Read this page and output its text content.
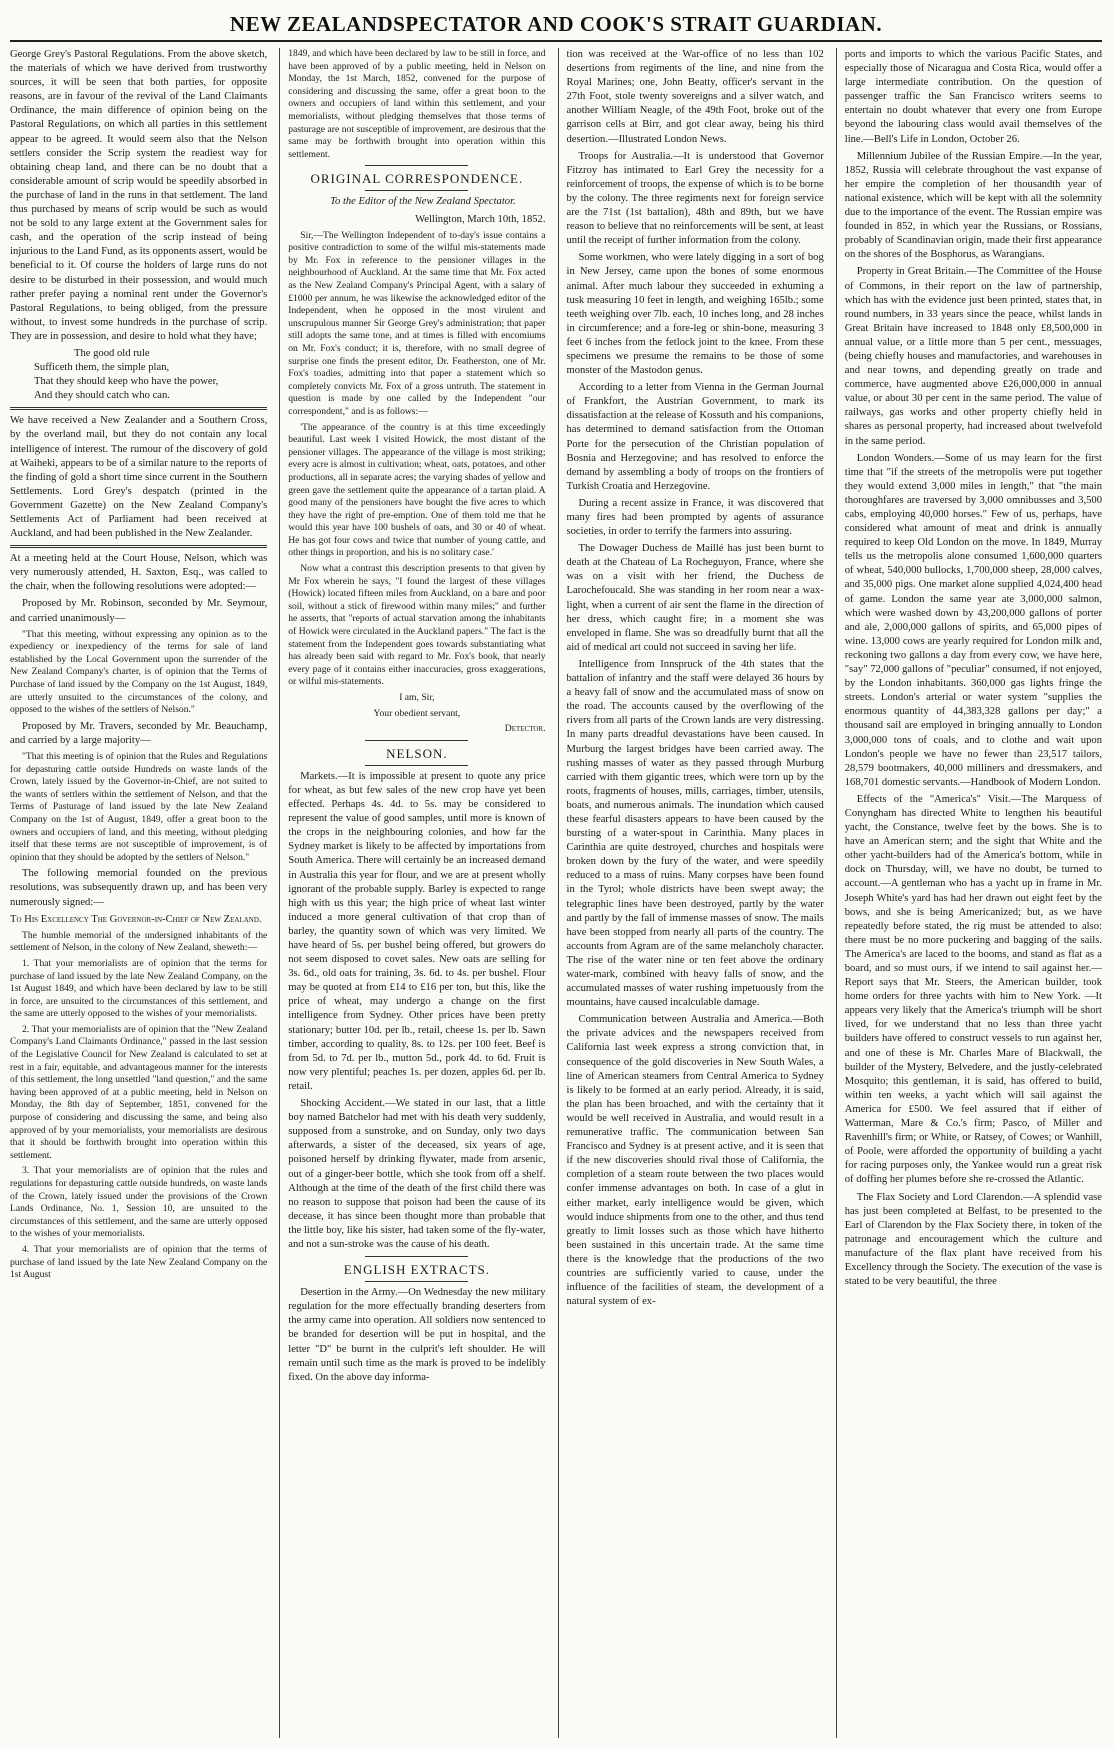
NEW ZEALANDSPECTATOR AND COOK'S STRAIT GUARDIAN.

George Grey's Pastoral Regulations. From the above sketch, the materials of which we have derived from trustworthy sources, it will be seen that both parties, for opposite reasons, are in favour of the revival of the Land Claimants Ordinance, the main difference of opinion being on the Pastoral Regulations, on which all parties in this settlement appear to be agreed. It would seem also that the Nelson settlers consider the Scrip system the readiest way for obtaining cheap land, and there can be no doubt that a considerable amount of scrip would be speedily absorbed in the purchase of land in the runs in that settlement. The land thus purchased by means of scrip would be such as would not be sold to any large extent at the Government sales for cash, and the operation of the scrip instead of being injurious to the Land Fund, as its opponents assert, would be beneficial to it. Of course the holders of large runs do not desire to be disturbed in their possession, and would much rather prefer paying a nominal rent under the Governor's Pastoral Regulations, to being obliged, from the pressure without, to invest some hundreds in the purchase of scrip. They are in possession, and desire to hold what they have;

The good old rule
Sufficeth them, the simple plan,
That they should keep who have the power,
And they should catch who can.

We have received a New Zealander and a Southern Cross, by the overland mail, but they do not contain any local intelligence of interest. The rumour of the discovery of gold at Waiheki, appears to be of a similar nature to the reports of the finding of gold a short time since current in the Southern Settlements. Lord Grey's despatch (printed in the Government Gazette) on the New Zealand Company's Settlements Act of Parliament had been received at Auckland, and had been published in the New Zealander.

At a meeting held at the Court House, Nelson, which was very numerously attended, H. Saxton, Esq., was called to the chair, when the following resolutions were adopted:—

Proposed by Mr. Robinson, seconded by Mr. Seymour, and carried unanimously—

"That this meeting, without expressing any opinion as to the expediency or inexpediency of the terms for sale of land established by the Local Government upon the surrender of the New Zealand Company's charter, is of opinion that the Terms of Purchase of land issued by the Company on the 1st August, 1849, are utterly unsuited to the circumstances of the colony, and opposed to the wishes of the settlers of Nelson."

Proposed by Mr. Travers, seconded by Mr. Beauchamp, and carried by a large majority—

"That this meeting is of opinion that the Rules and Regulations for depasturing cattle outside Hundreds on waste lands of the Crown, lately issued by the Governor-in-Chief, are not suited to the wants of settlers within the settlement of Nelson, and that the Terms of Pasturage of land issued by the late New Zealand Company on the 1st of August, 1849, offer a great boon to the owners and occupiers of land, and this meeting, without pledging itself that these terms are not susceptible of improvement, is of opinion that they should be adopted by the settlers of Nelson."

The following memorial founded on the previous resolutions, was subsequently drawn up, and has been very numerously signed:—

To His Excellency The Governor-in-Chief of New Zealand.

The humble memorial of the undersigned inhabitants of the settlement of Nelson, in the colony of New Zealand, sheweth:—

1. That your memorialists are of opinion that the terms for purchase of land issued by the late New Zealand Company, on the 1st August 1849, and which have been declared by law to be still in force, are unsuited to the circumstances of this settlement, and the same are utterly opposed to the wishes of your memorialists.

2. That your memorialists are of opinion that the "New Zealand Company's Land Claimants Ordinance," passed in the last session of the Legislative Council for New Zealand is calculated to set at rest in a fair, equitable, and advantageous manner for the interests of this settlement, the long unsettled "land question," and the same having been approved of at a public meeting, held in Nelson on Monday, the 8th day of September, 1851, convened for the purpose of considering and discussing the same, and being also approved of by your memorialists, your memorialists are desirous that it should be forthwith brought into operation within this settlement.

3. That your memorialists are of opinion that the rules and regulations for depasturing cattle outside hundreds, on waste lands of the Crown, lately issued under the provisions of the Crown Lands Ordinance, No. 1, Session 10, are unsuited to the circumstances of this settlement, and the same are utterly opposed to the wishes of your memorialists.

4. That your memorialists are of opinion that the terms of purchase of land issued by the late New Zealand Company on the 1st August

1849, and which have been declared by law to be still in force, and have been approved of by a public meeting, held in Nelson on Monday, the 1st March, 1852, convened for the purpose of considering and discussing the same, offer a great boon to the owners and occupiers of land within this settlement, and your memorialists, without pledging themselves that those terms of pasturage are not susceptible of improvement, are desirous that the same may be forthwith brought into operation within this settlement.

ORIGINAL CORRESPONDENCE.

To the Editor of the New Zealand Spectator.

Wellington, March 10th, 1852.

Sir,—The Wellington Independent of to-day's issue contains a positive contradiction to some of the wilful mis-statements made by Mr. Fox in reference to the pensioner villages in the neighbourhood of Auckland. At the same time that Mr. Fox acted as the New Zealand Company's Principal Agent, with a salary of £1000 per annum, he was likewise the acknowledged editor of the Independent, when he opposed in the most virulent and unscrupulous manner Sir George Grey's administration; that paper still adopts the same tone, and at times is filled with encomiums on Mr. Fox's conduct; it is, therefore, with no small degree of surprise one finds the present editor, Dr. Featherston, one of Mr. Fox's toadies, admitting into that paper a statement which so completely convicts Mr. Fox of a gross untruth. The statement in question is made by one called by the Independent "our correspondent," and is as follows:—

'The appearance of the country is at this time exceedingly beautiful. Last week I visited Howick, the most distant of the pensioner villages. The appearance of the village is most striking; every acre is almost in cultivation; wheat, oats, potatoes, and other productions, all in separate acres; the varying shades of yellow and green gave the settlement quite the appearance of a tartan plaid. A good many of the pensioners have bought the five acres to which they have the right of pre-emption. One of them told me that he would this year have 100 bushels of oats, and 30 or 40 of wheat. He has got four cows and twice that number of young cattle, and other things in proportion, and his is no solitary case.'

Now what a contrast this description presents to that given by Mr Fox wherein he says, "I found the largest of these villages (Howick) located fifteen miles from Auckland, on a bare and poor soil, without a stick of firewood within many miles;" and further he asserts, that "reports of actual starvation among the inhabitants of Howick were circulated in the Auckland papers." The fact is the statement from the Independent goes towards substantiating what has already been said with regard to Mr. Fox's book, that nearly every page of it contains either inaccuracies, gross exaggerations, or wilful mis-statements.

I am, Sir,

Your obedient servant,

Detector.

NELSON.

Markets.—It is impossible at present to quote any price for wheat, as but few sales of the new crop have yet been effected. Perhaps 4s. 4d. to 5s. may be considered to represent the value of good samples, until more is known of the crops in the neighbouring colonies, and how far the Sydney market is likely to be affected by importations from South America. There will certainly be an increased demand in Australia this year for flour, and we are at present wholly ignorant of the probable supply. Barley is expected to range high with us this year; the high price of wheat last winter induced a more general cultivation of that crop than of barley, the quantity sown of which was very limited. We have heard of 5s. per bushel being offered, but growers do not seem disposed to covet sales. New oats are selling for 3s. 6d., old oats for training, 3s. 6d. to 4s. per bushel. Flour may be quoted at from £14 to £16 per ton, but this, like the price of wheat, may undergo a change on the first intelligence from Sydney. Other prices have been pretty stationary; butter 10d. per lb., retail, cheese 1s. per lb. Sawn timber, according to quality, 8s. to 12s. per 100 feet. Beef is from 5d. to 7d. per lb., mutton 5d., pork 4d. to 6d. Fruit is now very plentiful; peaches 1s. per dozen, apples 6d. per lb. retail.

Shocking Accident.—We stated in our last, that a little boy named Batchelor had met with his death very suddenly, supposed from a sunstroke, and on Sunday, only two days afterwards, a sister of the deceased, six years of age, poisoned herself by drinking flywater, made from arsenic, out of a ginger-beer bottle, which she took from off a shelf. Although at the time of the death of the first child there was no reason to suppose that poison had been the cause of its decease, it has since been thought more than probable that the little boy, like his sister, had taken some of the fly-water, and not a sun-stroke was the cause of his death.

ENGLISH EXTRACTS.

Desertion in the Army.—On Wednesday the new military regulation for the more effectually branding deserters from the army came into operation. All soldiers now sentenced to be branded for desertion will be put in hospital, and the letter "D" be burnt in the culprit's left shoulder. He will remain until such time as the mark is proved to be indelibly fixed. On the above day informa-

tion was received at the War-office of no less than 102 desertions from regiments of the line, and nine from the Royal Marines; one, John Beatty, officer's servant in the 27th Foot, stole twenty sovereigns and a silver watch, and another William Neagle, of the 49th Foot, broke out of the garrison cells at Birr, and got clear away, being his third desertion.—Illustrated London News.

Troops for Australia.—It is understood that Governor Fitzroy has intimated to Earl Grey the necessity for a reinforcement of troops, the expense of which is to be borne by the colony. The three regiments next for foreign service are the 71st (1st battalion), 48th and 89th, but we have reason to believe that no reinforcements will be sent, at least until the receipt of further information from the colony.

Some workmen, who were lately digging in a sort of bog in New Jersey, came upon the bones of some enormous animal. After much labour they succeeded in exhuming a tusk measuring 10 feet in length, and weighing 165lb.; some teeth weighing over 7lb. each, 10 inches long, and 28 inches in circumference; and a fore-leg or shin-bone, measuring 3 feet 6 inches from the fetlock joint to the knee. From these specimens we presume the remains to be those of some monster of the Mastodon genus.

According to a letter from Vienna in the German Journal of Frankfort, the Austrian Government, to mark its dissatisfaction at the release of Kossuth and his companions, has determined to demand satisfaction from the Ottoman Porte for the persecution of the Christian population of Bosnia and Herzegovine; and has resolved to enforce the demand by assembling a body of troops on the frontiers of Turkish Croatia and Herzegovine.

During a recent assize in France, it was discovered that many fires had been prompted by agents of assurance societies, in order to terrify the farmers into assuring.

The Dowager Duchess de Maillé has just been burnt to death at the Chateau of La Rocheguyon, France, where she was on a visit with her friend, the Duchess de Larochefoucald. She was standing in her room near a wax-light, when a current of air sent the flame in the direction of her dress, which caught fire; in a moment she was enveloped in flame. She was so dreadfully burnt that all the aid of medical art could not succeed in saving her life.

Intelligence from Innspruck of the 4th states that the battalion of infantry and the staff were delayed 36 hours by a heavy fall of snow and the accumulated mass of snow on the road. The accounts caused by the overflowing of the rivers from all parts of the Crown lands are very distressing. In many parts dreadful devastations have been caused. In Murburg the largest bridges have been carried away. The rushing masses of water as they passed through Murburg carried with them gigantic trees, which were torn up by the roots, fragments of houses, mills, carriages, timber, utensils, boats, and numerous animals. The inundation which caused these fearful disasters appears to have been caused by the bursting of a water-spout in Carinthia. Many places in Carinthia are quite destroyed, churches and hospitals were broken down by the fury of the water, and were speedily reduced to a mass of ruins. Many corpses have been found in the Tyrol; whole districts have been swept away; the telegraphic lines have been destroyed, partly by the water and partly by the fall of immense masses of snow. The mails have been stopped from nearly all parts of the country. The accounts from Agram are of the same melancholy character. The rise of the water nine or ten feet above the ordinary water-mark, combined with heavy falls of snow, and the accumulated masses of water rushing impetuously from the mountains, have caused incalculable damage.

Communication between Australia and America.—Both the private advices and the newspapers received from California last week express a strong conviction that, in consequence of the gold discoveries in New South Wales, a line of American steamers from Central America to Sydney is likely to be formed at an early period. Already, it is said, the plan has been broached, and with the certainty that it would be well received in Australia, and would result in a remunerative traffic. The communication between San Francisco and Sydney is at present active, and it is seen that if the new discoveries should rival those of California, the completion of a steam route between the two places would confer immense advantages on both. In case of a glut in either market, early intelligence would be given, which would induce shipments from one to the other, and thus tend greatly to limit losses such as those which have hitherto been sustained in this uncertain trade. At the same time there is the knowledge that the productions of the two countries are sufficiently varied to cause, under the influence of the facilities of steam, the development of a natural system of ex-

ports and imports to which the various Pacific States, and especially those of Nicaragua and Costa Rica, would offer a large intermediate contribution. On the question of passenger traffic the San Francisco writers seems to entertain no doubt whatever that every one from Europe beyond the labouring class would avail themselves of the line.—Bell's Life in London, October 26.

Millennium Jubilee of the Russian Empire.—In the year, 1852, Russia will celebrate throughout the vast expanse of her empire the completion of her thousandth year of national existence, which will be kept with all the solemnity due to the importance of the event. The Russian empire was founded in 852, in which year the Russians, or Rossians, probably of Scandinavian origin, made their first appearance on the shores of the Bosphorus, as Warangians.

Property in Great Britain.—The Committee of the House of Commons, in their report on the law of partnership, which has with the evidence just been printed, states that, in round numbers, in 33 years since the peace, whilst lands in Great Britain have increased to 1848 only £8,500,000 in annual value, or a little more than 5 per cent., messuages, (being chiefly houses and manufactories, and warehouses in and near towns, and depending greatly on trade and commerce, have augmented above £26,000,000 in annual value, or about 30 per cent in the same period. The value of railways, gas works and other property chiefly held in shares as personal property, had increased about twelvefold in the same period.

London Wonders.—Some of us may learn for the first time that "if the streets of the metropolis were put together they would extend 3,000 miles in length," that "the main thoroughfares are traversed by 3,000 omnibusses and 3,500 cabs, employing 40,000 horses." Few of us, perhaps, have considered what amount of meat and drink is annually required to keep Old London on the move. In 1849, Murray tells us the metropolis alone consumed 1,600,000 quarters of wheat, 540,000 bullocks, 1,700,000 sheep, 28,000 calves, and 35,000 pigs. One market alone supplied 4,024,400 head of game. London the same year ate 3,000,000 salmon, which were washed down by 43,200,000 gallons of porter and ale, 2,000,000 gallons of spirits, and 65,000 pipes of wine. 13,000 cows are yearly required for London milk and, reckoning two gallons a day from every cow, we have here, "say" 72,000 gallons of "peculiar" consumed, if not enjoyed, by the London inhabitants. 360,000 gas lights fringe the streets. London's arterial or water system "supplies the enormous quantity of 44,383,328 gallons per day;" a thousand sail are employed in bringing annually to London 3,000,000 tons of coals, and to clothe and wait upon London's people we have no fewer than 23,517 tailors, 28,579 bootmakers, 40,000 milliners and dressmakers, and 168,701 domestic servants.—Handbook of Modern London.

Effects of the "America's" Visit.—The Marquess of Conyngham has directed White to lengthen his beautiful yacht, the Constance, twelve feet by the bows. She is to have an American stern; and the sight that White and the other yacht-builders had of the America's bottom, while in dock on Thursday, will, we have no doubt, be turned to account.—A gentleman who has a yacht up in frame in Mr. Joseph White's yard has had her drawn out eight feet by the bows, and she is being Americanized; but, as we have repeatedly before stated, the rig must be attended to also: there must be no more puckering and bagging of the sails. The America's are laced to the booms, and stand as flat as a board, and so must ours, if we intend to sail against her.—Report says that Mr. Steers, the American builder, took home orders for three yachts with him to New York. —It appears very likely that the America's triumph will be short lived, for we understand that no less than three yacht builders have offered to construct vessels to run against her, and one of these is Mr. Charles Mare of Blackwall, the builder of the Mystery, Belvedere, and the justly-celebrated Mosquito; this gentleman, it is said, has offered to build, within ten weeks, a yacht which will sail against the America for £500. We feel assured that if either of Watterman, Mare & Co.'s firm; Pasco, of Miller and Ravenhill's firm; or White, or Ratsey, of Cowes; or Wanhill, of Poole, were afforded the opportunity of building a yacht for racing purposes only, the Yankee would run a great risk of doffing her plumes before she re-crossed the Atlantic.

The Flax Society and Lord Clarendon.—A splendid vase has just been completed at Belfast, to be presented to the Earl of Clarendon by the Flax Society there, in token of the patronage and encouragement which the culture and manufacture of the flax plant have received from his Excellency through the Society. The execution of the vase is stated to be very beautiful, the three
